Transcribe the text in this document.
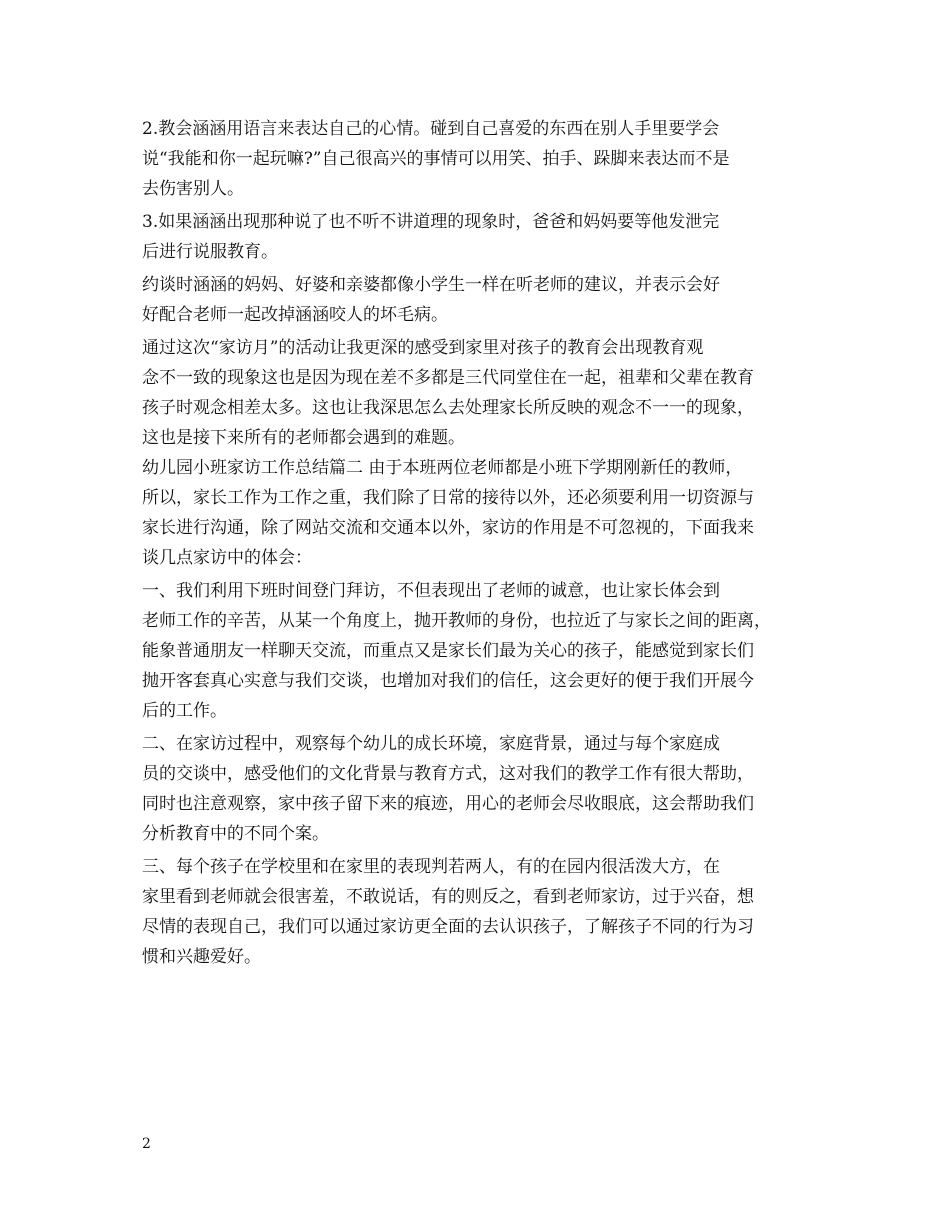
2.教会涵涵用语言来表达自己的心情。碰到自己喜爱的东西在别人手里要学会
说“我能和你一起玩嘛?”自己很高兴的事情可以用笑、拍手、跺脚来表达而不是
去伤害别人。
3.如果涵涵出现那种说了也不听不讲道理的现象时，爸爸和妈妈要等他发泄完
后进行说服教育。
约谈时涵涵的妈妈、好婆和亲婆都像小学生一样在听老师的建议，并表示会好
好配合老师一起改掉涵涵咬人的坏毛病。
通过这次“家访月”的活动让我更深的感受到家里对孩子的教育会出现教育观
念不一致的现象这也是因为现在差不多都是三代同堂住在一起，祖辈和父辈在教育
孩子时观念相差太多。这也让我深思怎么去处理家长所反映的观念不一一的现象，
这也是接下来所有的老师都会遇到的难题。
幼儿园小班家访工作总结篇二 由于本班两位老师都是小班下学期刚新任的教师，
所以，家长工作为工作之重，我们除了日常的接待以外，还必须要利用一切资源与
家长进行沟通，除了网站交流和交通本以外，家访的作用是不可忽视的，下面我来
谈几点家访中的体会：
一、我们利用下班时间登门拜访，不但表现出了老师的诚意，也让家长体会到
老师工作的辛苦，从某一个角度上，抛开教师的身份，也拉近了与家长之间的距离，
能象普通朋友一样聊天交流，而重点又是家长们最为关心的孩子，能感觉到家长们
抛开客套真心实意与我们交谈，也增加对我们的信任，这会更好的便于我们开展今
后的工作。
二、在家访过程中，观察每个幼儿的成长环境，家庭背景，通过与每个家庭成
员的交谈中，感受他们的文化背景与教育方式，这对我们的教学工作有很大帮助，
同时也注意观察，家中孩子留下来的痕迹，用心的老师会尽收眼底，这会帮助我们
分析教育中的不同个案。
三、每个孩子在学校里和在家里的表现判若两人，有的在园内很活泼大方，在
家里看到老师就会很害羞，不敢说话，有的则反之，看到老师家访，过于兴奋，想
尽情的表现自己，我们可以通过家访更全面的去认识孩子，了解孩子不同的行为习
惯和兴趣爱好。
2
